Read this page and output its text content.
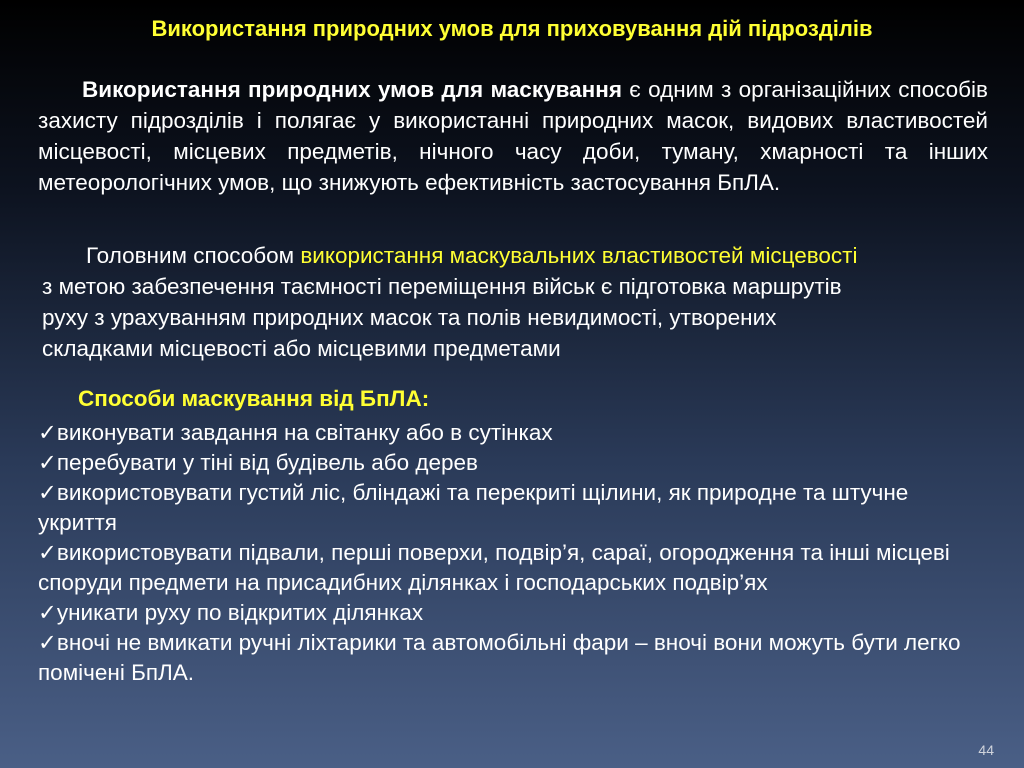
Використання природних умов для приховування дій підрозділів
Використання природних умов для маскування є одним з організаційних способів захисту підрозділів і полягає у використанні природних масок, видових властивостей місцевості, місцевих предметів, нічного часу доби, туману, хмарності та інших метеорологічних умов, що знижують ефективність застосування БпЛА.
Головним способом використання маскувальних властивостей місцевості
з метою забезпечення таємності переміщення військ є підготовка маршрутів
руху з урахуванням природних масок та полів невидимості, утворених
складками місцевості або місцевими предметами
Способи маскування від БпЛА:
✓виконувати завдання на світанку або в сутінках
✓перебувати у тіні від будівель або дерев
✓використовувати густий ліс, бліндажі та перекриті щілини, як природне та штучне укриття
✓використовувати підвали, перші поверхи, подвір’я, сараї, огородження та інші місцеві споруди предмети на присадибних ділянках і господарських подвір’ях
✓уникати руху по відкритих ділянках
✓вночі не вмикати ручні ліхтарики та автомобільні фари – вночі вони можуть бути легко помічені БпЛА.
44
